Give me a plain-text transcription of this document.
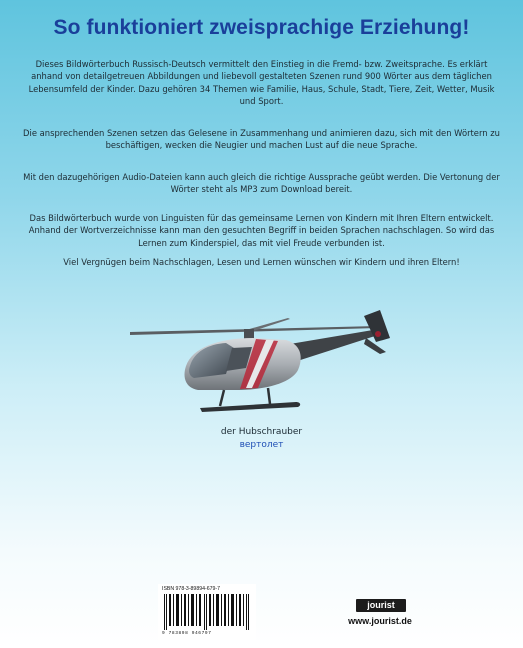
So funktioniert zweisprachige Erziehung!

Dieses Bildwörterbuch Russisch-Deutsch vermittelt den Einstieg in die Fremd- bzw. Zweitsprache. Es erklärt anhand von detailgetreuen Abbildungen und liebevoll gestalteten Szenen rund 900 Wörter aus dem täglichen Lebensumfeld der Kinder. Dazu gehören 34 Themen wie Familie, Haus, Schule, Stadt, Tiere, Zeit, Wetter, Musik und Sport.

Die ansprechenden Szenen setzen das Gelesene in Zusammenhang und animieren dazu, sich mit den Wörtern zu beschäftigen, wecken die Neugier und machen Lust auf die neue Sprache.

Mit den dazugehörigen Audio-Dateien kann auch gleich die richtige Aussprache geübt werden. Die Vertonung der Wörter steht als MP3 zum Download bereit.

Das Bildwörterbuch wurde von Linguisten für das gemeinsame Lernen von Kindern mit Ihren Eltern entwickelt. Anhand der Wortverzeichnisse kann man den gesuchten Begriff in beiden Sprachen nachschlagen. So wird das Lernen zum Kinderspiel, das mit viel Freude verbunden ist.

Viel Vergnügen beim Nachschlagen, Lesen und Lernen wünschen wir Kindern und ihren Eltern!

der Hubschrauber
вертолет
ISBN 978-3-89894-679-7
9 783898 946797
jourist
www.jourist.de
